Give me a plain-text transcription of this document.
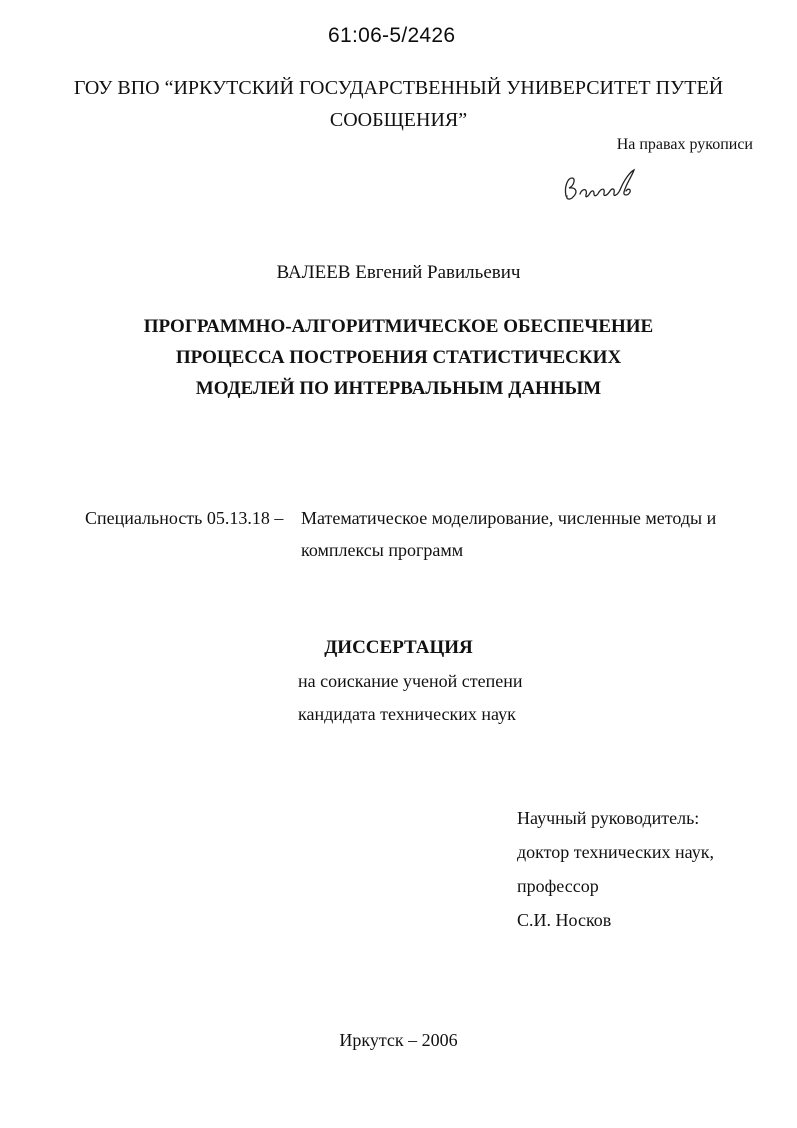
61:06-5/2426
ГОУ ВПО “ИРКУТСКИЙ ГОСУДАРСТВЕННЫЙ УНИВЕРСИТЕТ ПУТЕЙ
СООБЩЕНИЯ”
На правах рукописи
ВАЛЕЕВ Евгений Равильевич
ПРОГРАММНО-АЛГОРИТМИЧЕСКОЕ ОБЕСПЕЧЕНИЕ
ПРОЦЕССА ПОСТРОЕНИЯ СТАТИСТИЧЕСКИХ
МОДЕЛЕЙ ПО ИНТЕРВАЛЬНЫМ ДАННЫМ
Специальность 05.13.18 – Математическое моделирование, численные методы и
комплексы программ
ДИССЕРТАЦИЯ
на соискание ученой степени
кандидата технических наук
Научный руководитель:
доктор технических наук,
профессор
С.И. Носков
Иркутск – 2006
